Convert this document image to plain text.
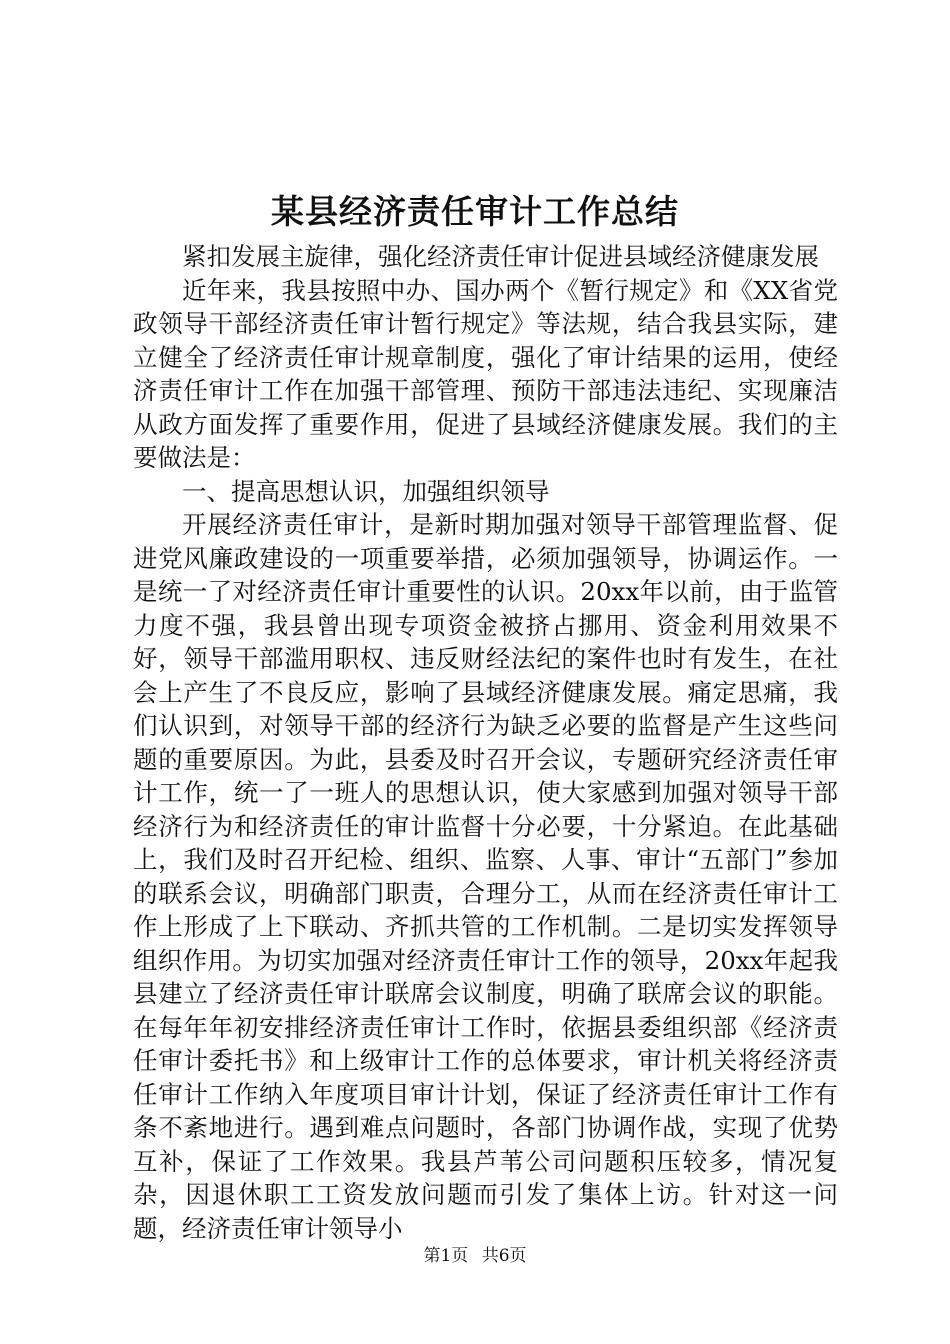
某县经济责任审计工作总结

紧扣发展主旋律，强化经济责任审计促进县域经济健康发展

近年来，我县按照中办、国办两个《暂行规定》和《XX省党政领导干部经济责任审计暂行规定》等法规，结合我县实际，建立健全了经济责任审计规章制度，强化了审计结果的运用，使经济责任审计工作在加强干部管理、预防干部违法违纪、实现廉洁从政方面发挥了重要作用，促进了县域经济健康发展。我们的主要做法是：

一、提高思想认识，加强组织领导

开展经济责任审计，是新时期加强对领导干部管理监督、促进党风廉政建设的一项重要举措，必须加强领导，协调运作。一是统一了对经济责任审计重要性的认识。20xx年以前，由于监管力度不强，我县曾出现专项资金被挤占挪用、资金利用效果不好，领导干部滥用职权、违反财经法纪的案件也时有发生，在社会上产生了不良反应，影响了县域经济健康发展。痛定思痛，我们认识到，对领导干部的经济行为缺乏必要的监督是产生这些问题的重要原因。为此，县委及时召开会议，专题研究经济责任审计工作，统一了一班人的思想认识，使大家感到加强对领导干部经济行为和经济责任的审计监督十分必要，十分紧迫。在此基础上，我们及时召开纪检、组织、监察、人事、审计“五部门”参加的联系会议，明确部门职责，合理分工，从而在经济责任审计工作上形成了上下联动、齐抓共管的工作机制。二是切实发挥领导组织作用。为切实加强对经济责任审计工作的领导，20xx年起我县建立了经济责任审计联席会议制度，明确了联席会议的职能。在每年年初安排经济责任审计工作时，依据县委组织部《经济责任审计委托书》和上级审计工作的总体要求，审计机关将经济责任审计工作纳入年度项目审计计划，保证了经济责任审计工作有条不紊地进行。遇到难点问题时，各部门协调作战，实现了优势互补，保证了工作效果。我县芦苇公司问题积压较多，情况复杂，因退休职工工资发放问题而引发了集体上访。针对这一问题，经济责任审计领导小

第1页 共6页
